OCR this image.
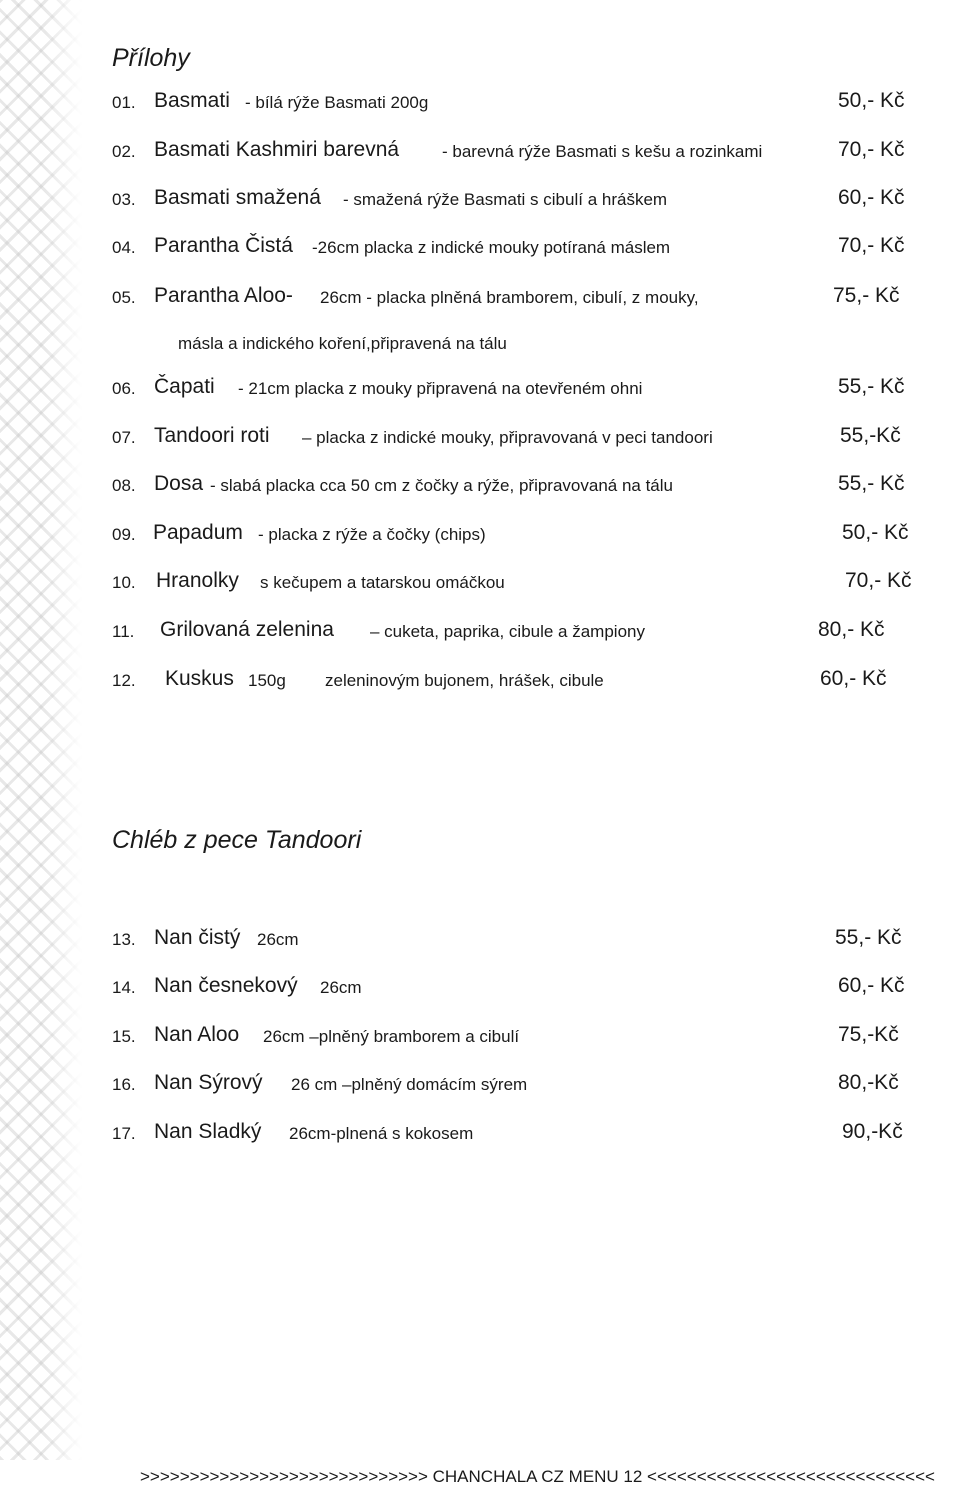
Přílohy
01. Basmati - bílá rýže Basmati 200g	50,- Kč
02. Basmati Kashmiri barevná	- barevná rýže Basmati s kešu a rozinkami	70,- Kč
03. Basmati smažená - smažená rýže Basmati s cibulí a hráškem	60,- Kč
04. Parantha Čistá -26cm placka z indické mouky potíraná máslem	70,- Kč
05. Parantha Aloo- 26cm - placka plněná bramborem, cibulí, z mouky,	75,- Kč
másla a indického koření,připravená na tálu
06. Čapati - 21cm placka z mouky připravená na otevřeném ohni	55,- Kč
07. Tandoori roti – placka z indické mouky, připravovaná v peci tandoori	55,-Kč
08. Dosa - slabá placka cca 50 cm z čočky a rýže, připravovaná na tálu	55,- Kč
09. Papadum - placka z rýže a čočky (chips)	50,- Kč
10. Hranolky s kečupem a tatarskou omáčkou	70,- Kč
11. Grilovaná zelenina – cuketa, paprika, cibule a žampiony	80,- Kč
12. Kuskus 150g zeleninovým bujonem, hrášek, cibule	60,- Kč
Chléb z pece Tandoori
13. Nan čistý 26cm	55,- Kč
14. Nan česnekový 26cm	60,- Kč
15. Nan Aloo 26cm –plněný bramborem a cibulí	75,-Kč
16. Nan Sýrový 26 cm –plněný domácím sýrem	80,-Kč
17. Nan Sladký 26cm-plnená s kokosem	90,-Kč
>>>>>>>>>>>>>>>>>>>>>>>>>>>>> CHANCHALA CZ MENU 12 <<<<<<<<<<<<<<<<<<<<<<<<<<<<<
